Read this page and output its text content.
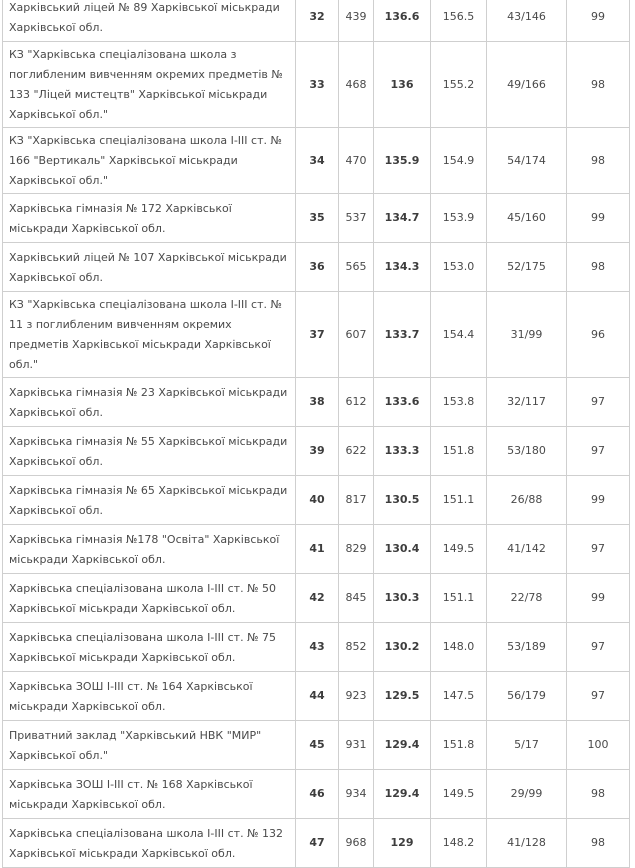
Харківський ліцей № 89 Харківської міськради Харківської обл.	32	439	136.6	156.5	43/146	99
КЗ "Харківська спеціалізована школа з поглибленим вивченням окремих предметів № 133 "Ліцей мистецтв" Харківської міськради Харківської обл."	33	468	136	155.2	49/166	98
КЗ "Харківська спеціалізована школа І-ІІІ ст. № 166 "Вертикаль" Харківської міськради Харківської обл."	34	470	135.9	154.9	54/174	98
Харківська гімназія № 172 Харківської міськради Харківської обл.	35	537	134.7	153.9	45/160	99
Харківський ліцей № 107 Харківської міськради Харківської обл.	36	565	134.3	153.0	52/175	98
КЗ "Харківська спеціалізована школа І-ІІІ ст. № 11 з поглибленим вивченням окремих предметів Харківської міськради Харківської обл."	37	607	133.7	154.4	31/99	96
Харківська гімназія № 23 Харківської міськради Харківської обл.	38	612	133.6	153.8	32/117	97
Харківська гімназія № 55 Харківської міськради Харківської обл.	39	622	133.3	151.8	53/180	97
Харківська гімназія № 65 Харківської міськради Харківської обл.	40	817	130.5	151.1	26/88	99
Харківська гімназія №178 "Освіта" Харківської міськради Харківської обл.	41	829	130.4	149.5	41/142	97
Харківська спеціалізована школа І-ІІІ ст. № 50 Харківської міськради Харківської обл.	42	845	130.3	151.1	22/78	99
Харківська спеціалізована школа І-ІІІ ст. № 75 Харківської міськради Харківської обл.	43	852	130.2	148.0	53/189	97
Харківська ЗОШ І-ІІІ ст. № 164 Харківської міськради Харківської обл.	44	923	129.5	147.5	56/179	97
Приватний заклад "Харківський НВК "МИР" Харківської обл."	45	931	129.4	151.8	5/17	100
Харківська ЗОШ І-ІІІ ст. № 168 Харківської міськради Харківської обл.	46	934	129.4	149.5	29/99	98
Харківська спеціалізована школа І-ІІІ ст. № 132 Харківської міськради Харківської обл.	47	968	129	148.2	41/128	98
